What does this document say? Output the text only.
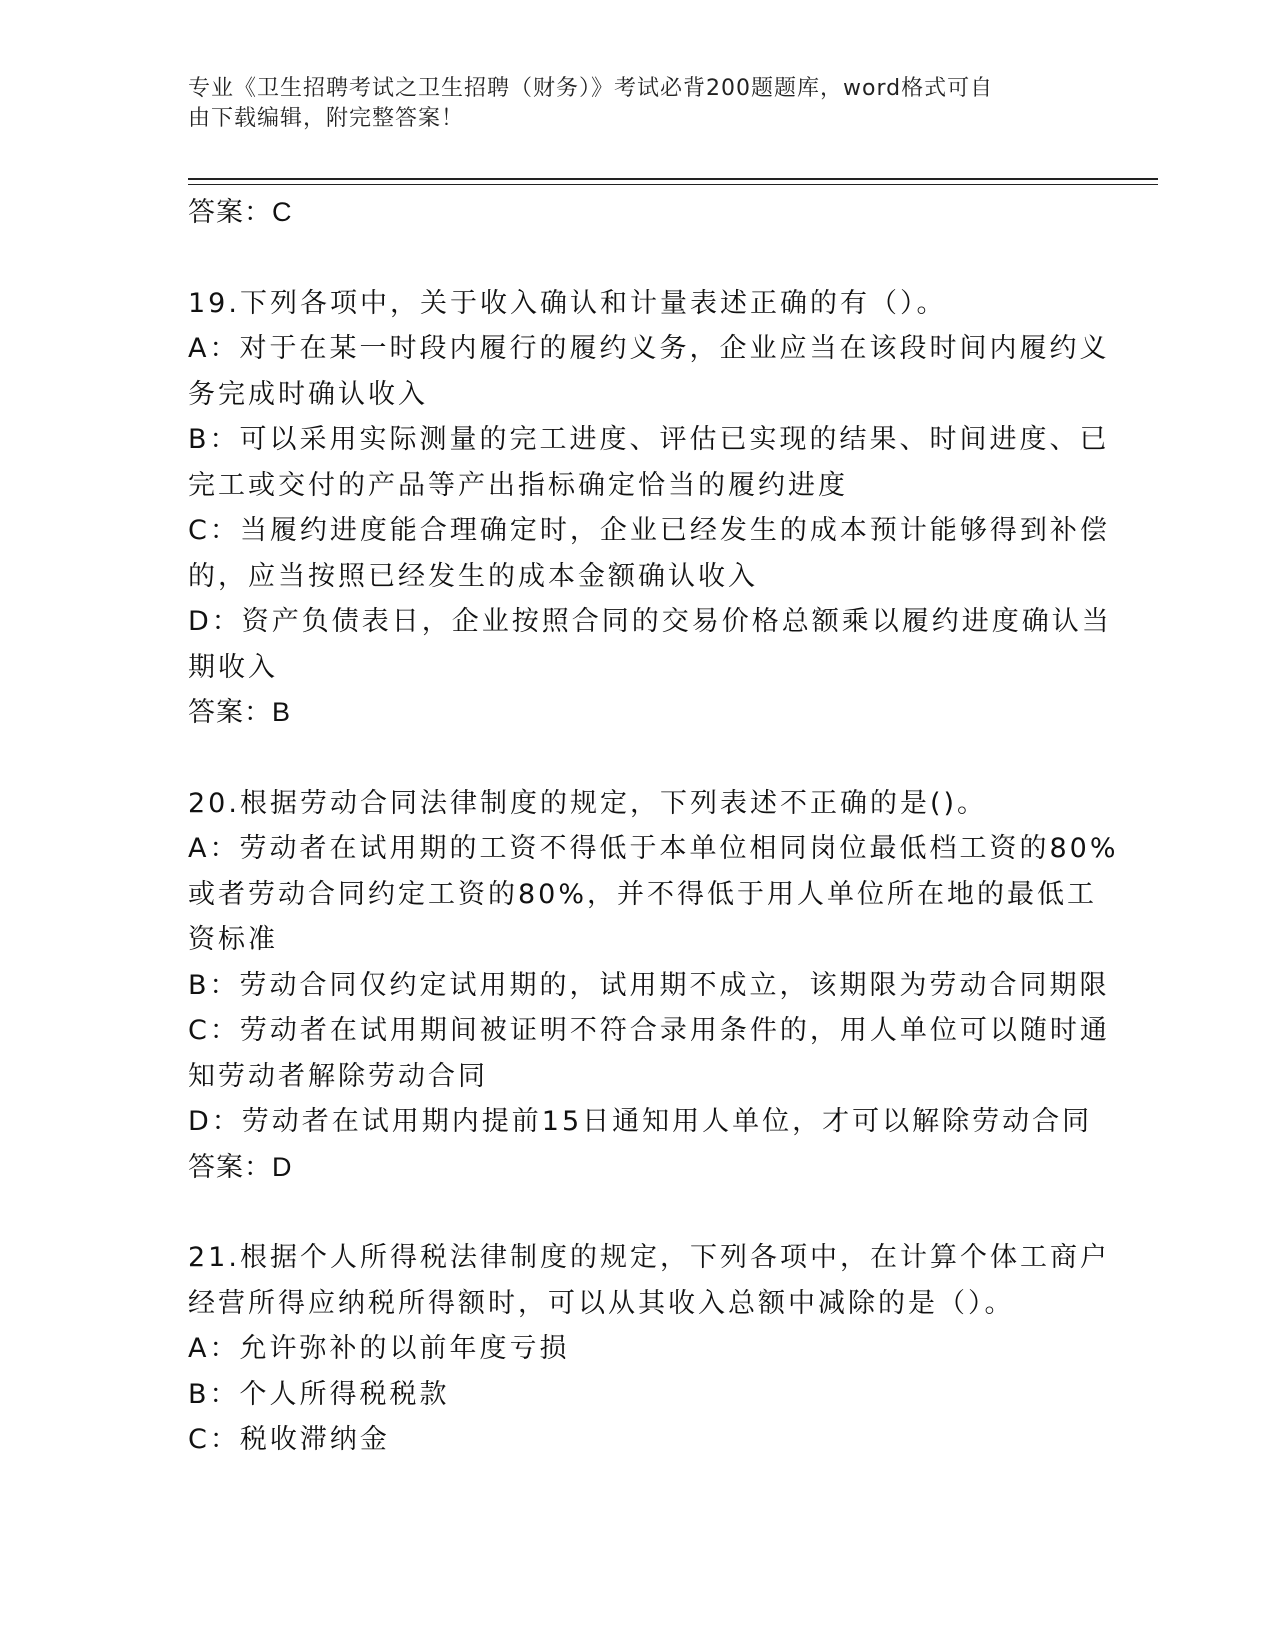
专业《卫生招聘考试之卫生招聘（财务）》考试必背200题题库，word格式可自
由下载编辑，附完整答案！
答案：C
19.下列各项中，关于收入确认和计量表述正确的有（）。
A：对于在某一时段内履行的履约义务，企业应当在该段时间内履约义
务完成时确认收入
B：可以采用实际测量的完工进度、评估已实现的结果、时间进度、已
完工或交付的产品等产出指标确定恰当的履约进度
C：当履约进度能合理确定时，企业已经发生的成本预计能够得到补偿
的，应当按照已经发生的成本金额确认收入
D：资产负债表日，企业按照合同的交易价格总额乘以履约进度确认当
期收入
答案：B
20.根据劳动合同法律制度的规定，下列表述不正确的是()。
A：劳动者在试用期的工资不得低于本单位相同岗位最低档工资的80%
或者劳动合同约定工资的80%，并不得低于用人单位所在地的最低工
资标准
B：劳动合同仅约定试用期的，试用期不成立，该期限为劳动合同期限
C：劳动者在试用期间被证明不符合录用条件的，用人单位可以随时通
知劳动者解除劳动合同
D：劳动者在试用期内提前15日通知用人单位，才可以解除劳动合同
答案：D
21.根据个人所得税法律制度的规定，下列各项中，在计算个体工商户
经营所得应纳税所得额时，可以从其收入总额中减除的是（）。
A：允许弥补的以前年度亏损
B：个人所得税税款
C：税收滞纳金
